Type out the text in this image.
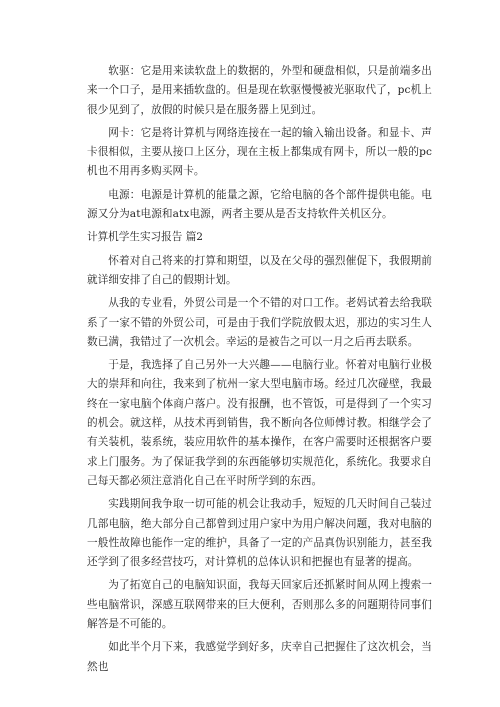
软驱：它是用来读软盘上的数据的，外型和硬盘相似，只是前端多出来一个口子，是用来插软盘的。但是现在软驱慢慢被光驱取代了，pc机上很少见到了，放假的时候只是在服务器上见到过。

网卡：它是将计算机与网络连接在一起的输入输出设备。和显卡、声卡很相似，主要从接口上区分，现在主板上都集成有网卡，所以一般的pc机也不用再多购买网卡。

电源：电源是计算机的能量之源，它给电脑的各个部件提供电能。电源又分为at电源和atx电源，两者主要从是否支持软件关机区分。

计算机学生实习报告 篇2

怀着对自己将来的打算和期望，以及在父母的强烈催促下，我假期前就详细安排了自己的假期计划。

从我的专业看，外贸公司是一个不错的对口工作。老妈试着去给我联系了一家不错的外贸公司，可是由于我们学院放假太迟，那边的实习生人数已满，我错过了一次机会。幸运的是被告之可以一月之后再去联系。

于是，我选择了自己另外一大兴趣——电脑行业。怀着对电脑行业极大的崇拜和向往，我来到了杭州一家大型电脑市场。经过几次碰壁，我最终在一家电脑个体商户落户。没有报酬，也不管饭，可是得到了一个实习的机会。就这样，从技术再到销售，我不断向各位师傅讨教。相继学会了有关装机，装系统，装应用软件的基本操作，在客户需要时还根据客户要求上门服务。为了保证我学到的东西能够切实规范化，系统化。我要求自己每天都必须注意消化自己在平时所学到的东西。

实践期间我争取一切可能的机会让我动手，短短的几天时间自己装过几部电脑，绝大部分自己都曾到过用户家中为用户解决问题，我对电脑的一般性故障也能作一定的维护，具备了一定的产品真伪识别能力，甚至我还学到了很多经营技巧，对计算机的总体认识和把握也有显著的提高。

为了拓宽自己的电脑知识面，我每天回家后还抓紧时间从网上搜索一些电脑常识，深感互联网带来的巨大便利，否则那么多的问题期待同事们解答是不可能的。

如此半个月下来，我感觉学到好多，庆幸自己把握住了这次机会，当然也
